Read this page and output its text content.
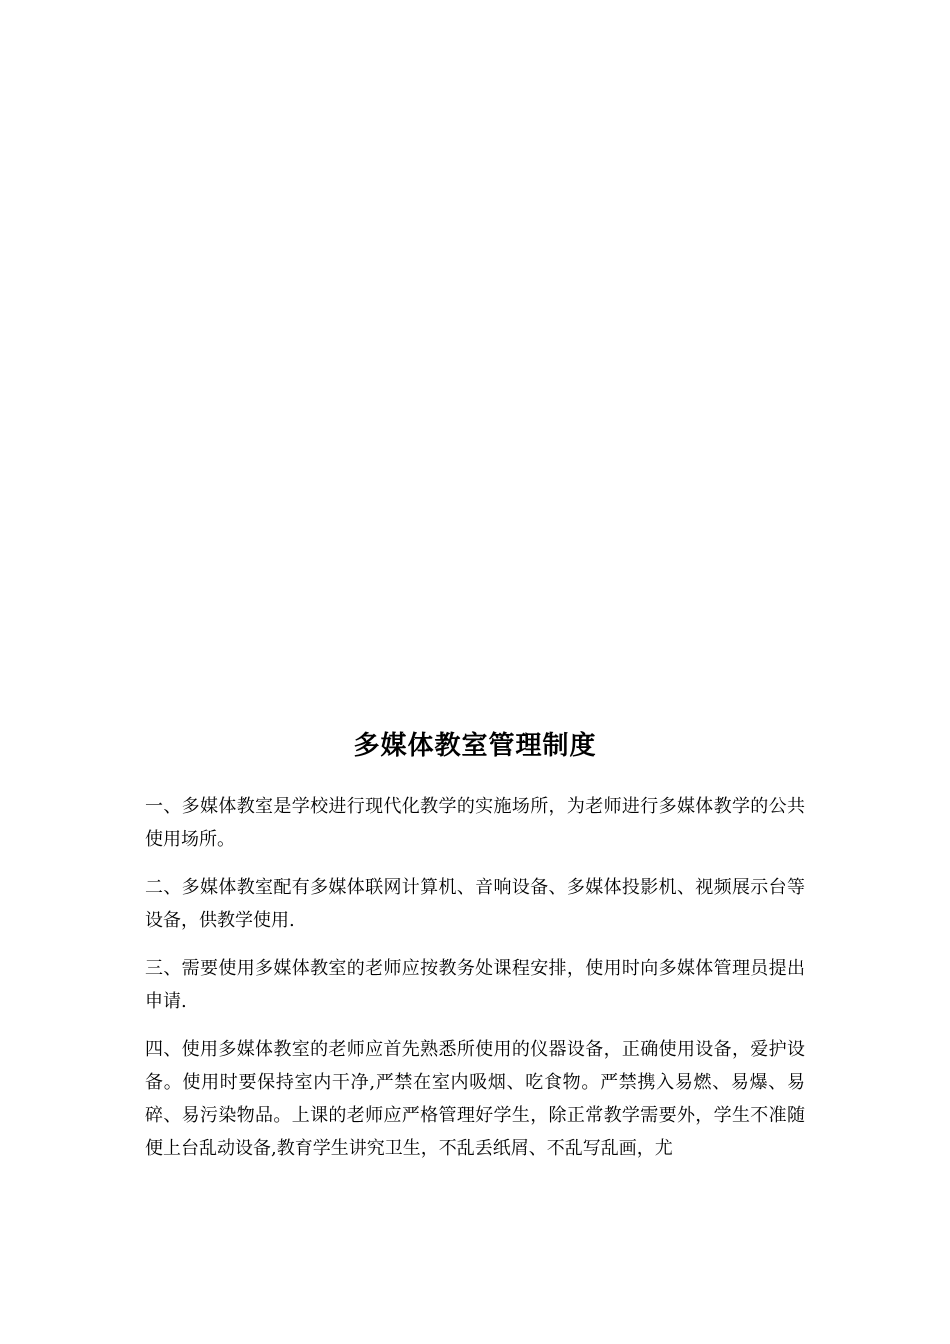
多媒体教室管理制度

一、多媒体教室是学校进行现代化教学的实施场所，为老师进行多媒体教学的公共使用场所。

二、多媒体教室配有多媒体联网计算机、音响设备、多媒体投影机、视频展示台等设备，供教学使用.

三、需要使用多媒体教室的老师应按教务处课程安排，使用时向多媒体管理员提出申请.

四、使用多媒体教室的老师应首先熟悉所使用的仪器设备，正确使用设备，爱护设备。使用时要保持室内干净,严禁在室内吸烟、吃食物。严禁携入易燃、易爆、易碎、易污染物品。上课的老师应严格管理好学生，除正常教学需要外，学生不准随便上台乱动设备,教育学生讲究卫生，不乱丢纸屑、不乱写乱画，尤
